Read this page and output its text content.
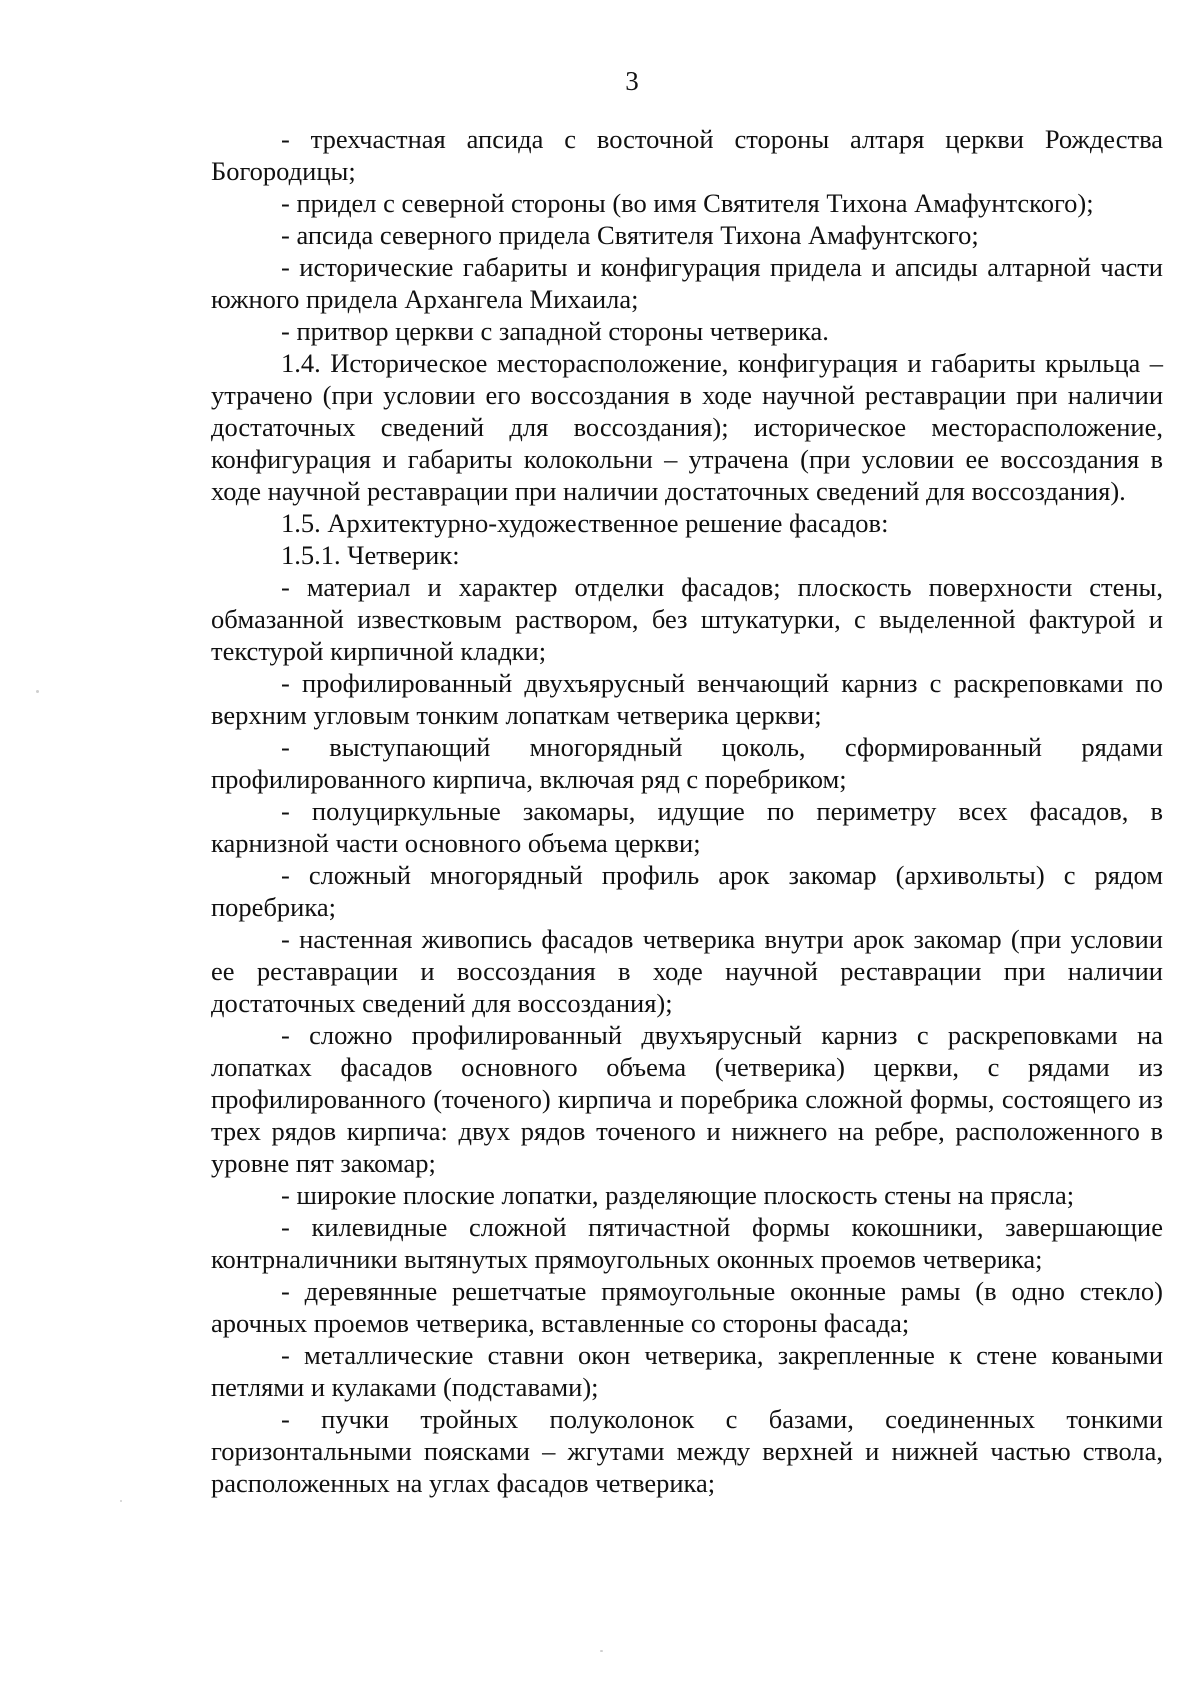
3

- трехчастная апсида с восточной стороны алтаря церкви Рождества Богородицы;

- придел с северной стороны (во имя Святителя Тихона Амафунтского);

- апсида северного придела Святителя Тихона Амафунтского;

- исторические габариты и конфигурация придела и апсиды алтарной части южного придела Архангела Михаила;

- притвор церкви с западной стороны четверика.

1.4. Историческое месторасположение, конфигурация и габариты крыльца – утрачено (при условии его воссоздания в ходе научной реставрации при наличии достаточных сведений для воссоздания); историческое месторасположение, конфигурация и габариты колокольни – утрачена (при условии ее воссоздания в ходе научной реставрации при наличии достаточных сведений для воссоздания).

1.5. Архитектурно-художественное решение фасадов:

1.5.1. Четверик:

- материал и характер отделки фасадов; плоскость поверхности стены, обмазанной известковым раствором, без штукатурки, с выделенной фактурой и текстурой кирпичной кладки;

- профилированный двухъярусный венчающий карниз с раскреповками по верхним угловым тонким лопаткам четверика церкви;

- выступающий многорядный цоколь, сформированный рядами профилированного кирпича, включая ряд с поребриком;

- полуциркульные закомары, идущие по периметру всех фасадов, в карнизной части основного объема церкви;

- сложный многорядный профиль арок закомар (архивольты) с рядом поребрика;

- настенная живопись фасадов четверика внутри арок закомар (при условии ее реставрации и воссоздания в ходе научной реставрации при наличии достаточных сведений для воссоздания);

- сложно профилированный двухъярусный карниз с раскреповками на лопатках фасадов основного объема (четверика) церкви, с рядами из профилированного (точеного) кирпича и поребрика сложной формы, состоящего из трех рядов кирпича: двух рядов точеного и нижнего на ребре, расположенного в уровне пят закомар;

- широкие плоские лопатки, разделяющие плоскость стены на прясла;

- килевидные сложной пятичастной формы кокошники, завершающие контрналичники вытянутых прямоугольных оконных проемов четверика;

- деревянные решетчатые прямоугольные оконные рамы (в одно стекло) арочных проемов четверика, вставленные со стороны фасада;

- металлические ставни окон четверика, закрепленные к стене коваными петлями и кулаками (подставами);

- пучки тройных полуколонок с базами, соединенных тонкими горизонтальными поясками – жгутами между верхней и нижней частью ствола, расположенных на углах фасадов четверика;
